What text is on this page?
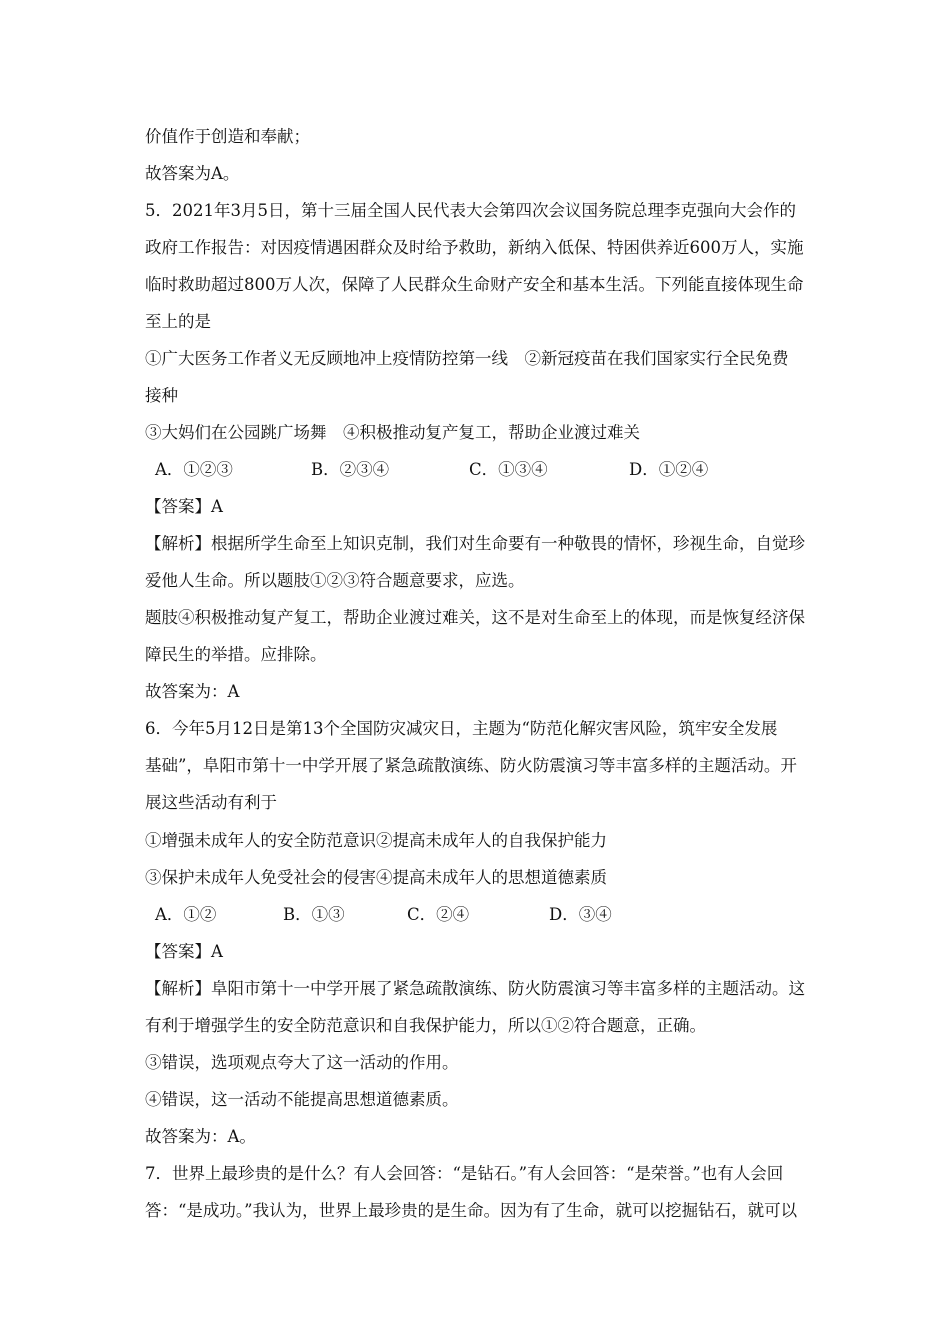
价值作于创造和奉献；
故答案为A。
5．2021年3月5日，第十三届全国人民代表大会第四次会议国务院总理李克强向大会作的
政府工作报告：对因疫情遇困群众及时给予救助，新纳入低保、特困供养近600万人，实施
临时救助超过800万人次，保障了人民群众生命财产安全和基本生活。下列能直接体现生命
至上的是
①广大医务工作者义无反顾地冲上疫情防控第一线　②新冠疫苗在我们国家实行全民免费
接种
③大妈们在公园跳广场舞　④积极推动复产复工，帮助企业渡过难关
A．①②③	B．②③④	C．①③④	D．①②④
【答案】A
【解析】根据所学生命至上知识克制，我们对生命要有一种敬畏的情怀，珍视生命，自觉珍
爱他人生命。所以题肢①②③符合题意要求，应选。
题肢④积极推动复产复工，帮助企业渡过难关，这不是对生命至上的体现，而是恢复经济保
障民生的举措。应排除。
故答案为：A
6．今年5月12日是第13个全国防灾减灾日，主题为“防范化解灾害风险，筑牢安全发展
基础”，阜阳市第十一中学开展了紧急疏散演练、防火防震演习等丰富多样的主题活动。开
展这些活动有利于
①增强未成年人的安全防范意识②提高未成年人的自我保护能力
③保护未成年人免受社会的侵害④提高未成年人的思想道德素质
A．①②	B．①③	C．②④	D．③④
【答案】A
【解析】阜阳市第十一中学开展了紧急疏散演练、防火防震演习等丰富多样的主题活动。这
有利于增强学生的安全防范意识和自我保护能力，所以①②符合题意，正确。
③错误，选项观点夸大了这一活动的作用。
④错误，这一活动不能提高思想道德素质。
故答案为：A。
7．世界上最珍贵的是什么？有人会回答：“是钻石。”有人会回答：“是荣誉。”也有人会回
答：“是成功。”我认为，世界上最珍贵的是生命。因为有了生命，就可以挖掘钻石，就可以
